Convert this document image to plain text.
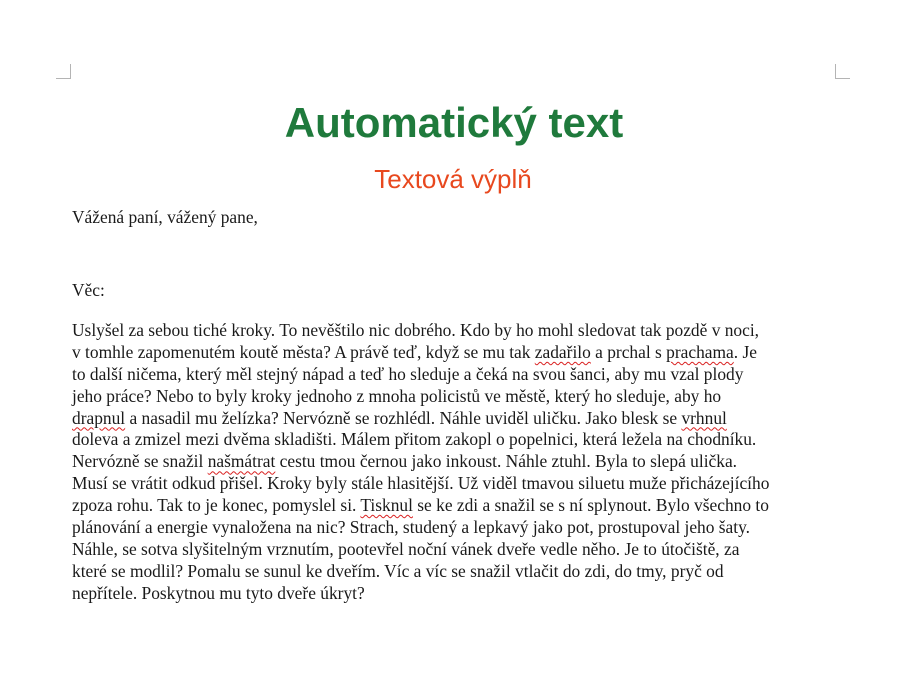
Automatický text
Textová výplň
Vážená paní, vážený pane,
Věc:
Uslyšel za sebou tiché kroky. To nevěštilo nic dobrého. Kdo by ho mohl sledovat tak pozdě v noci,
v tomhle zapomenutém koutě města? A právě teď, když se mu tak zadařilo a prchal s prachama. Je
to další ničema, který měl stejný nápad a teď ho sleduje a čeká na svou šanci, aby mu vzal plody
jeho práce? Nebo to byly kroky jednoho z mnoha policistů ve městě, který ho sleduje, aby ho
drapnul a nasadil mu želízka? Nervózně se rozhlédl. Náhle uviděl uličku. Jako blesk se vrhnul
doleva a zmizel mezi dvěma skladišti. Málem přitom zakopl o popelnici, která ležela na chodníku.
Nervózně se snažil našmátrat cestu tmou černou jako inkoust. Náhle ztuhl. Byla to slepá ulička.
Musí se vrátit odkud přišel. Kroky byly stále hlasitější. Už viděl tmavou siluetu muže přicházejícího
zpoza rohu. Tak to je konec, pomyslel si. Tisknul se ke zdi a snažil se s ní splynout. Bylo všechno to
plánování a energie vynaložena na nic? Strach, studený a lepkavý jako pot, prostupoval jeho šaty.
Náhle, se sotva slyšitelným vrznutím, pootevřel noční vánek dveře vedle něho. Je to útočiště, za
které se modlil? Pomalu se sunul ke dveřím. Víc a víc se snažil vtlačit do zdi, do tmy, pryč od
nepřítele. Poskytnou mu tyto dveře úkryt?
